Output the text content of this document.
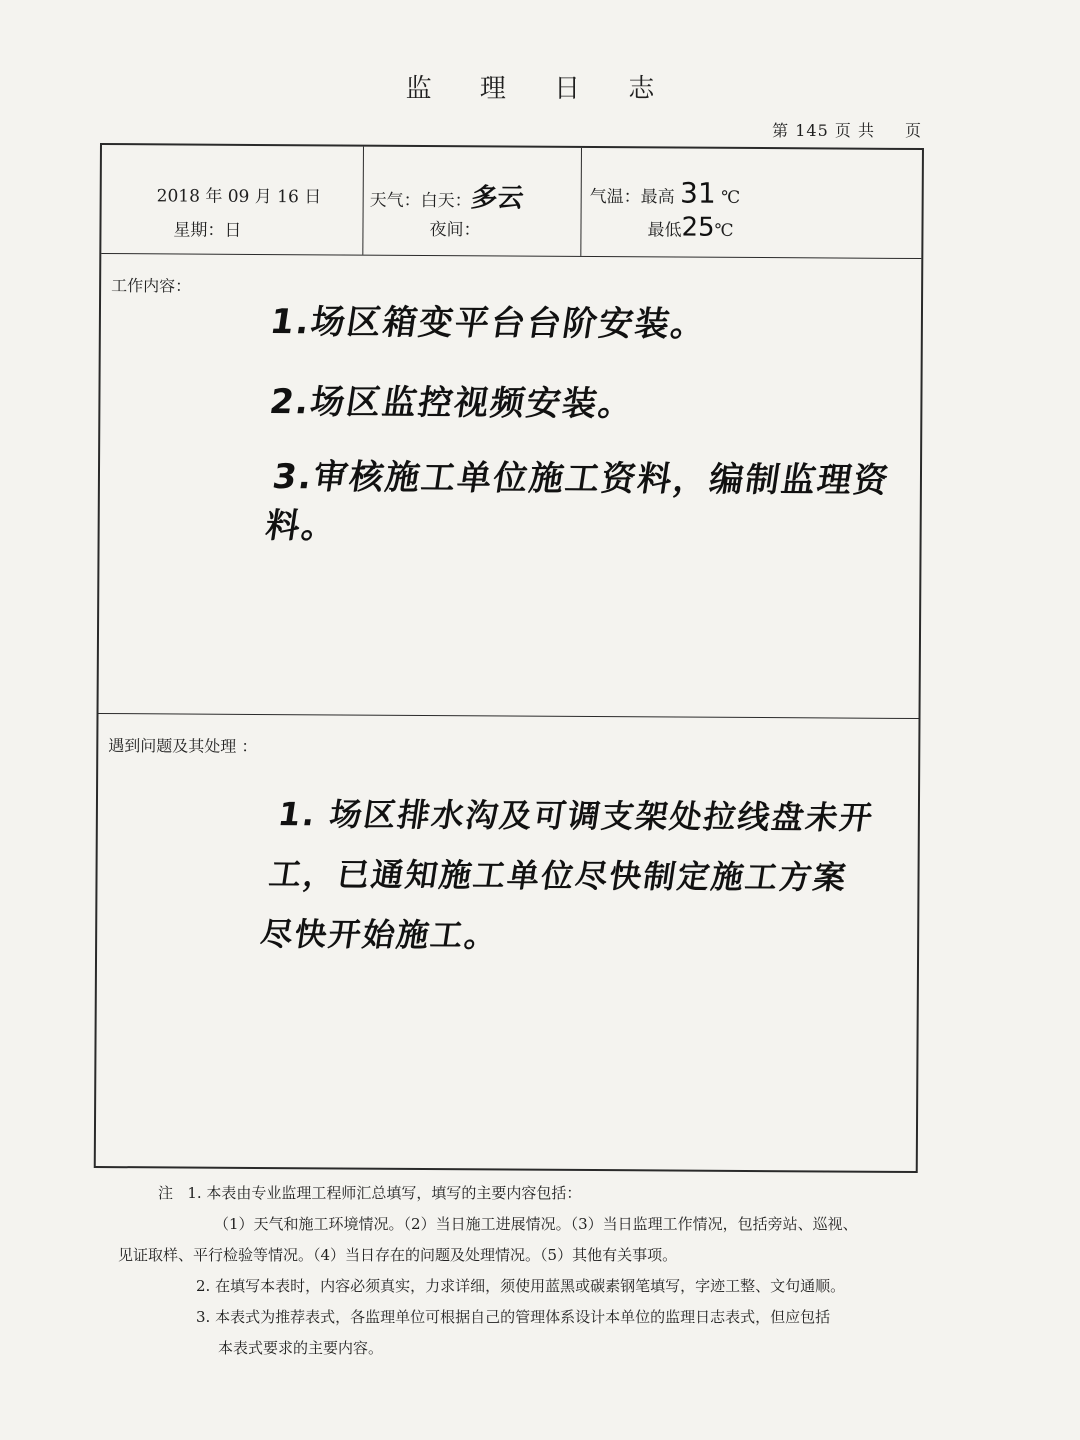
监 理 日 志
第 145 页 共 页
2018 年 09 月 16 日
星期：日
天气：白天：多云
夜间：
气温：最高 31 ℃
最低25℃
工作内容：
1.场区箱变平台台阶安装。
2.场区监控视频安装。
3.审核施工单位施工资料，编制监理资料。
遇到问题及其处理 ：
1. 场区排水沟及可调支架处拉线盘未开工，已通知施工单位尽快制定施工方案尽快开始施工。
注 1. 本表由专业监理工程师汇总填写，填写的主要内容包括：
（1）天气和施工环境情况。（2）当日施工进展情况。（3）当日监理工作情况，包括旁站、巡视、
见证取样、平行检验等情况。（4）当日存在的问题及处理情况。（5）其他有关事项。
2. 在填写本表时，内容必须真实，力求详细，须使用蓝黑或碳素钢笔填写，字迹工整、文句通顺。
3. 本表式为推荐表式，各监理单位可根据自己的管理体系设计本单位的监理日志表式，但应包括
本表式要求的主要内容。
